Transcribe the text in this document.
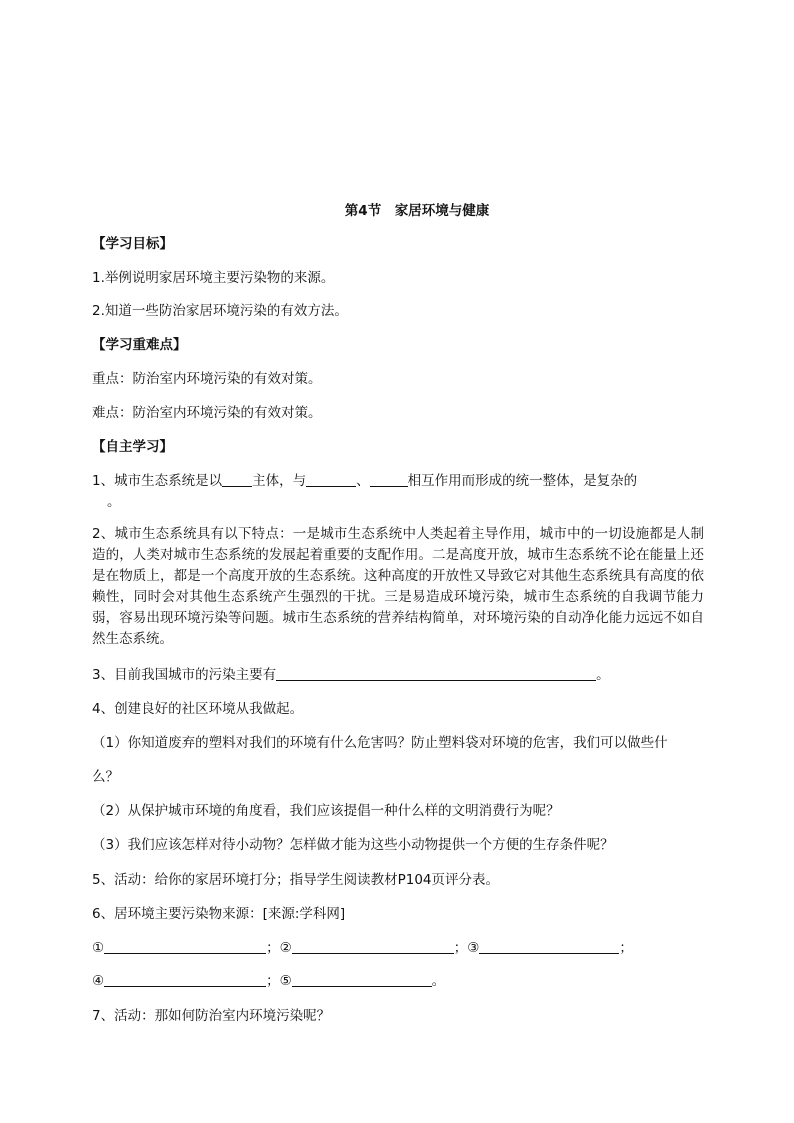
第4节　家居环境与健康
【学习目标】
1.举例说明家居环境主要污染物的来源。
2.知道一些防治家居环境污染的有效方法。
【学习重难点】
重点：防治室内环境污染的有效对策。
难点：防治室内环境污染的有效对策。
【自主学习】
1、城市生态系统是以 主体，与	、	相互作用而形成的统一整体，是复杂的
。
2、城市生态系统具有以下特点：一是城市生态系统中人类起着主导作用，城市中的一切设施都是人制造的，人类对城市生态系统的发展起着重要的支配作用。二是高度开放，城市生态系统不论在能量上还是在物质上，都是一个高度开放的生态系统。这种高度的开放性又导致它对其他生态系统具有高度的依赖性，同时会对其他生态系统产生强烈的干扰。三是易造成环境污染，城市生态系统的自我调节能力弱，容易出现环境污染等问题。城市生态系统的营养结构简单，对环境污染的自动净化能力远远不如自然生态系统。
3、目前我国城市的污染主要有	。
4、创建良好的社区环境从我做起。
（1）你知道废弃的塑料对我们的环境有什么危害吗？防止塑料袋对环境的危害，我们可以做些什
么？
（2）从保护城市环境的角度看，我们应该提倡一种什么样的文明消费行为呢？
（3）我们应该怎样对待小动物？怎样做才能为这些小动物提供一个方便的生存条件呢？
5、活动：给你的家居环境打分；指导学生阅读教材P104页评分表。
6、居环境主要污染物来源：[来源:学科网]
①	；②	；③	；
④	；⑤	。
7、活动：那如何防治室内环境污染呢？
